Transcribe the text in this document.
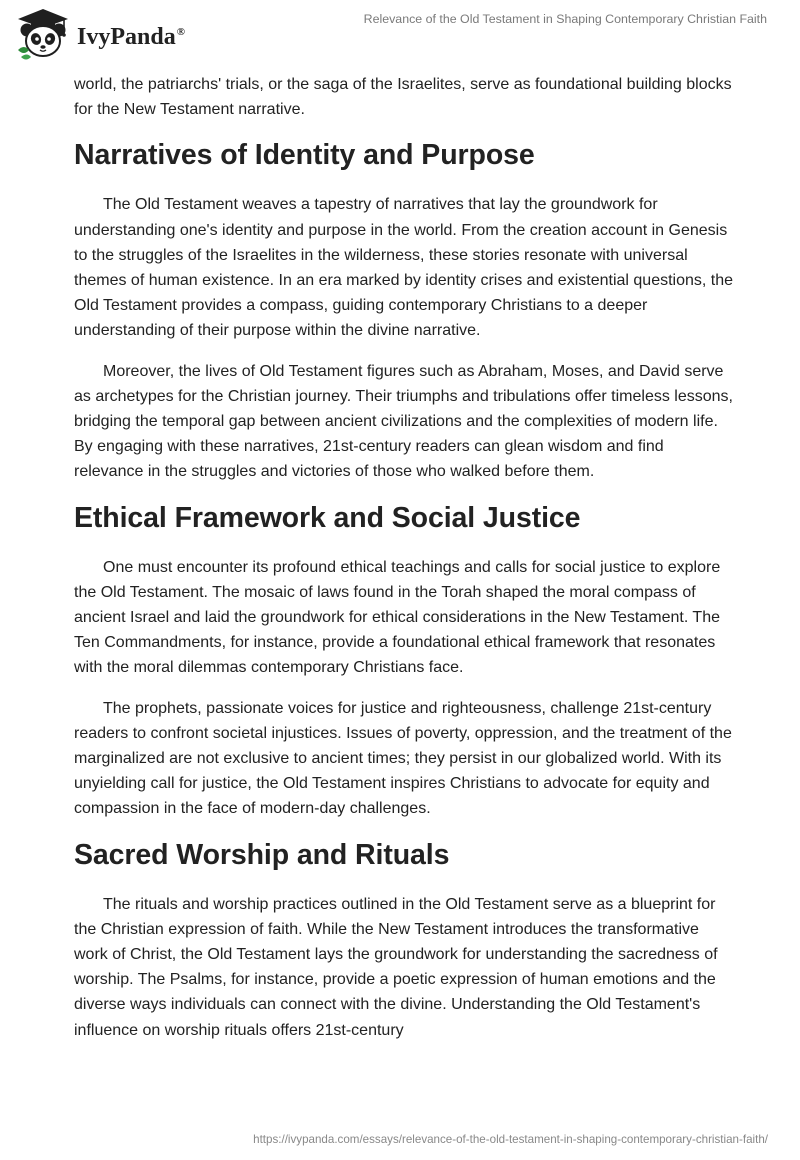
IvyPanda®
Relevance of the Old Testament in Shaping Contemporary Christian Faith

world, the patriarchs' trials, or the saga of the Israelites, serve as foundational building blocks for the New Testament narrative.

Narratives of Identity and Purpose

The Old Testament weaves a tapestry of narratives that lay the groundwork for understanding one's identity and purpose in the world. From the creation account in Genesis to the struggles of the Israelites in the wilderness, these stories resonate with universal themes of human existence. In an era marked by identity crises and existential questions, the Old Testament provides a compass, guiding contemporary Christians to a deeper understanding of their purpose within the divine narrative.

Moreover, the lives of Old Testament figures such as Abraham, Moses, and David serve as archetypes for the Christian journey. Their triumphs and tribulations offer timeless lessons, bridging the temporal gap between ancient civilizations and the complexities of modern life. By engaging with these narratives, 21st-century readers can glean wisdom and find relevance in the struggles and victories of those who walked before them.

Ethical Framework and Social Justice

One must encounter its profound ethical teachings and calls for social justice to explore the Old Testament. The mosaic of laws found in the Torah shaped the moral compass of ancient Israel and laid the groundwork for ethical considerations in the New Testament. The Ten Commandments, for instance, provide a foundational ethical framework that resonates with the moral dilemmas contemporary Christians face.

The prophets, passionate voices for justice and righteousness, challenge 21st-century readers to confront societal injustices. Issues of poverty, oppression, and the treatment of the marginalized are not exclusive to ancient times; they persist in our globalized world. With its unyielding call for justice, the Old Testament inspires Christians to advocate for equity and compassion in the face of modern-day challenges.

Sacred Worship and Rituals

The rituals and worship practices outlined in the Old Testament serve as a blueprint for the Christian expression of faith. While the New Testament introduces the transformative work of Christ, the Old Testament lays the groundwork for understanding the sacredness of worship. The Psalms, for instance, provide a poetic expression of human emotions and the diverse ways individuals can connect with the divine. Understanding the Old Testament's influence on worship rituals offers 21st-century

https://ivypanda.com/essays/relevance-of-the-old-testament-in-shaping-contemporary-christian-faith/
